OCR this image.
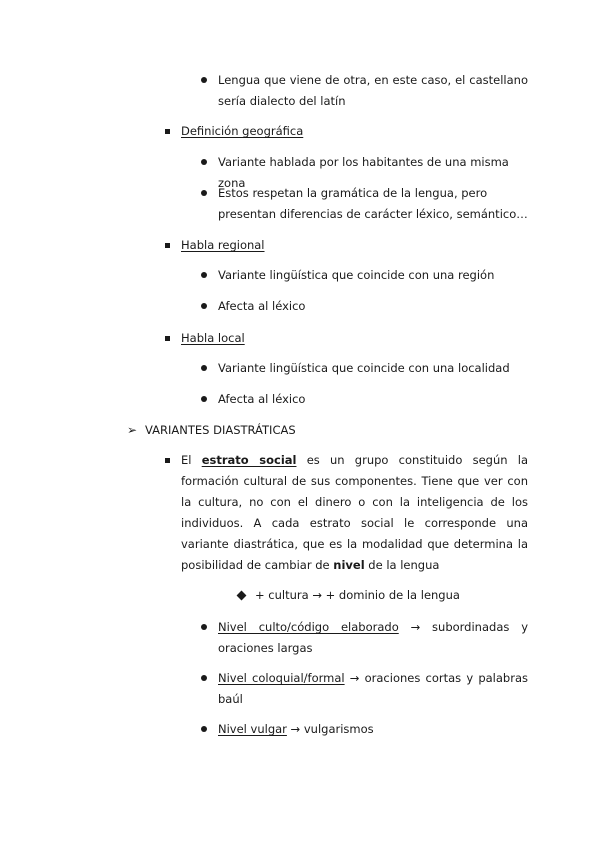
Lengua que viene de otra, en este caso, el castellano sería dialecto del latín
Definición geográfica
Variante hablada por los habitantes de una misma zona
Estos respetan la gramática de la lengua, pero presentan diferencias de carácter léxico, semántico…
Habla regional
Variante lingüística que coincide con una región
Afecta al léxico
Habla local
Variante lingüística que coincide con una localidad
Afecta al léxico
➢ VARIANTES DIASTRÁTICAS
El estrato social es un grupo constituido según la formación cultural de sus componentes. Tiene que ver con la cultura, no con el dinero o con la inteligencia de los individuos. A cada estrato social le corresponde una variante diastrática, que es la modalidad que determina la posibilidad de cambiar de nivel de la lengua
+ cultura → + dominio de la lengua
Nivel culto/código elaborado → subordinadas y oraciones largas
Nivel coloquial/formal → oraciones cortas y palabras baúl
Nivel vulgar → vulgarismos
